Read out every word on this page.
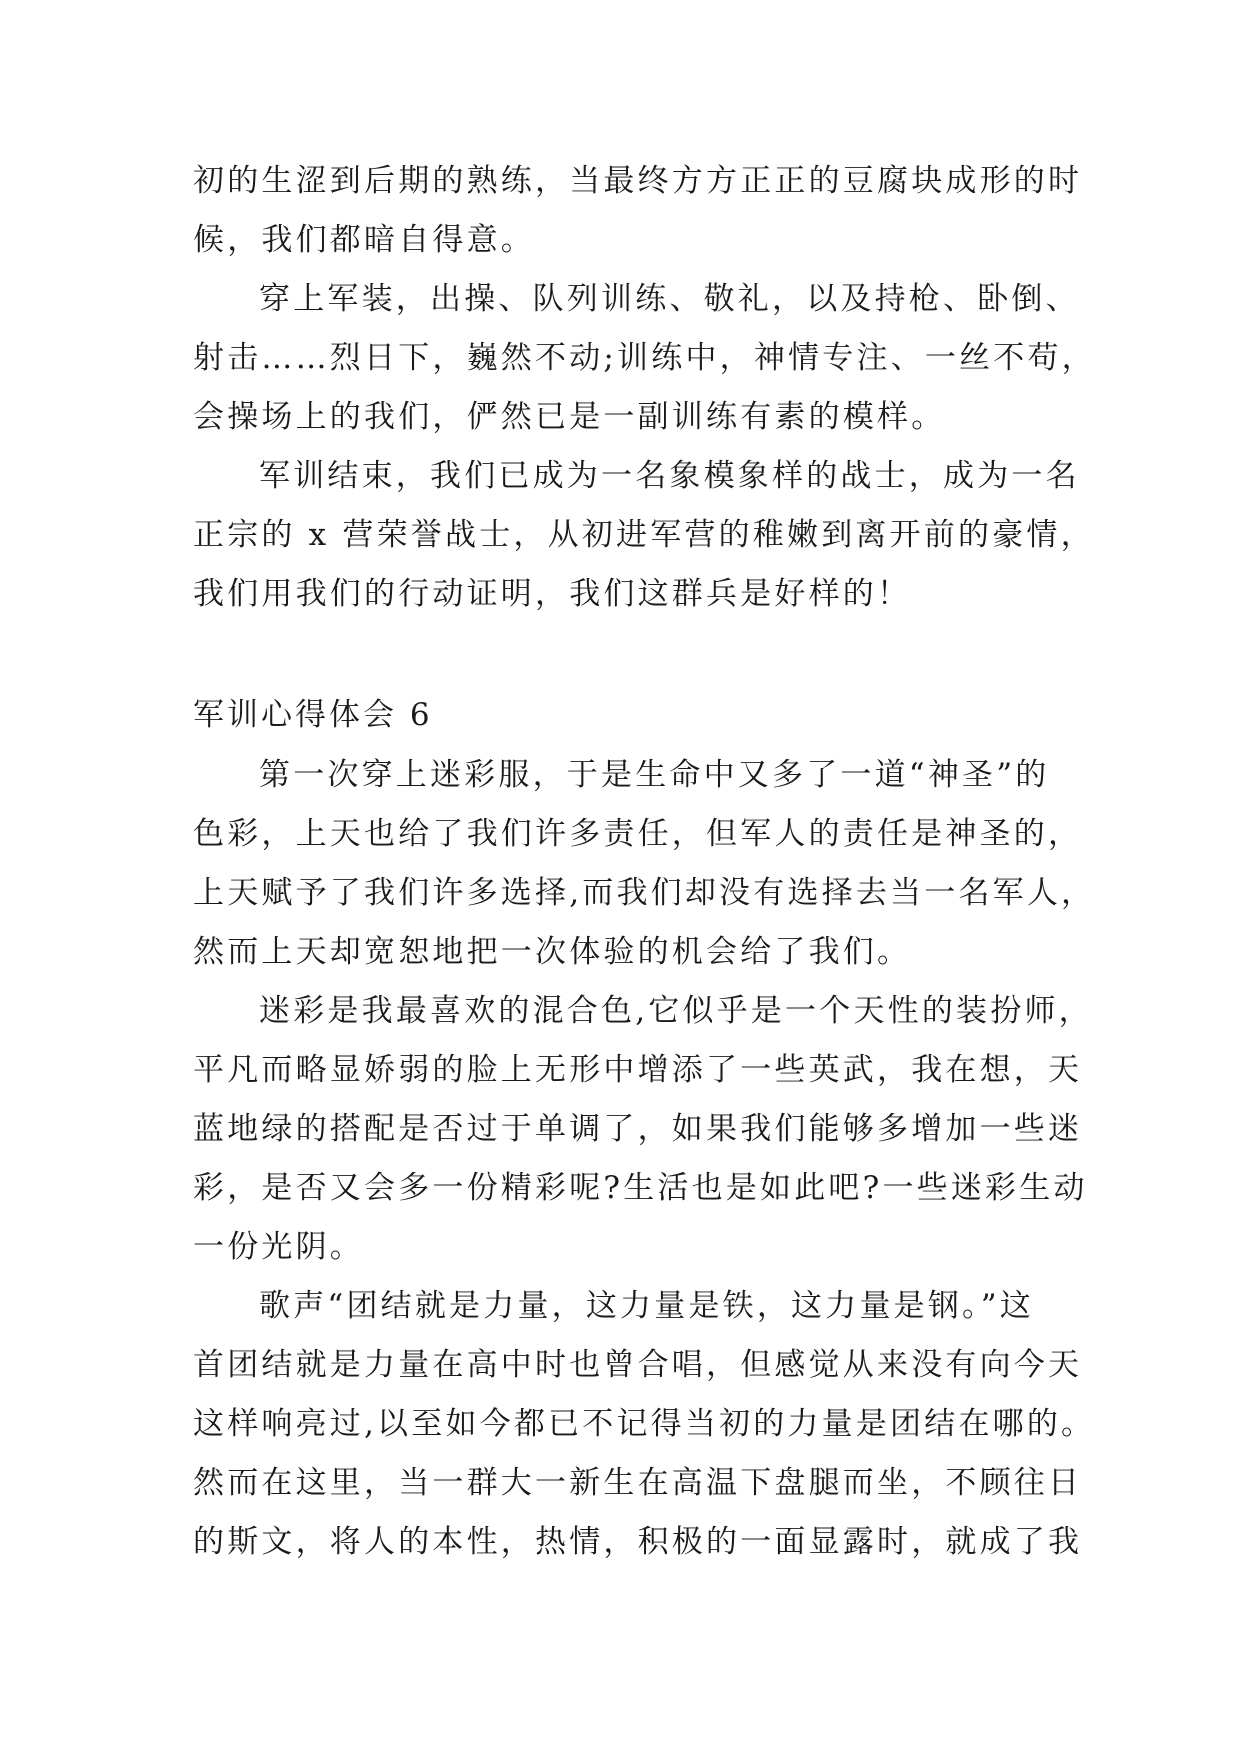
初的生涩到后期的熟练，当最终方方正正的豆腐块成形的时
候，我们都暗自得意。
穿上军装，出操、队列训练、敬礼，以及持枪、卧倒、
射击……烈日下，巍然不动;训练中，神情专注、一丝不苟，
会操场上的我们，俨然已是一副训练有素的模样。
军训结束，我们已成为一名象模象样的战士，成为一名
正宗的 x 营荣誉战士，从初进军营的稚嫩到离开前的豪情，
我们用我们的行动证明，我们这群兵是好样的！
军训心得体会 6
第一次穿上迷彩服，于是生命中又多了一道“神圣”的
色彩，上天也给了我们许多责任，但军人的责任是神圣的，
上天赋予了我们许多选择,而我们却没有选择去当一名军人，
然而上天却宽恕地把一次体验的机会给了我们。
迷彩是我最喜欢的混合色,它似乎是一个天性的装扮师，
平凡而略显娇弱的脸上无形中增添了一些英武，我在想，天
蓝地绿的搭配是否过于单调了，如果我们能够多增加一些迷
彩，是否又会多一份精彩呢?生活也是如此吧?一些迷彩生动
一份光阴。
歌声“团结就是力量，这力量是铁，这力量是钢。”这
首团结就是力量在高中时也曾合唱，但感觉从来没有向今天
这样响亮过,以至如今都已不记得当初的力量是团结在哪的。
然而在这里，当一群大一新生在高温下盘腿而坐，不顾往日
的斯文，将人的本性，热情，积极的一面显露时，就成了我
